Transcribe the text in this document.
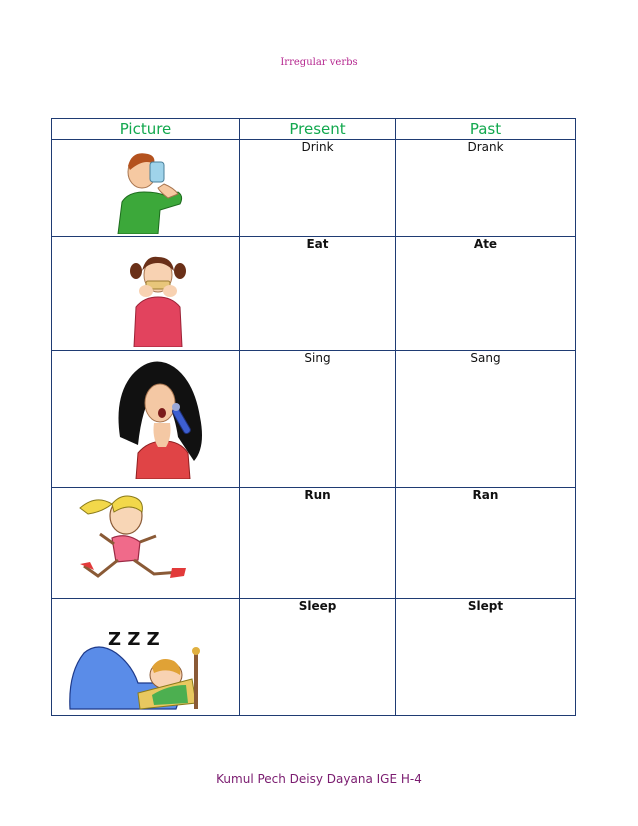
Irregular verbs
Picture	Present	Past

	Drink	Drank

	Eat	Ate

	Sing	Sang

	Run	Ran

Z Z Z	Sleep	Slept
Kumul Pech Deisy Dayana IGE H-4
